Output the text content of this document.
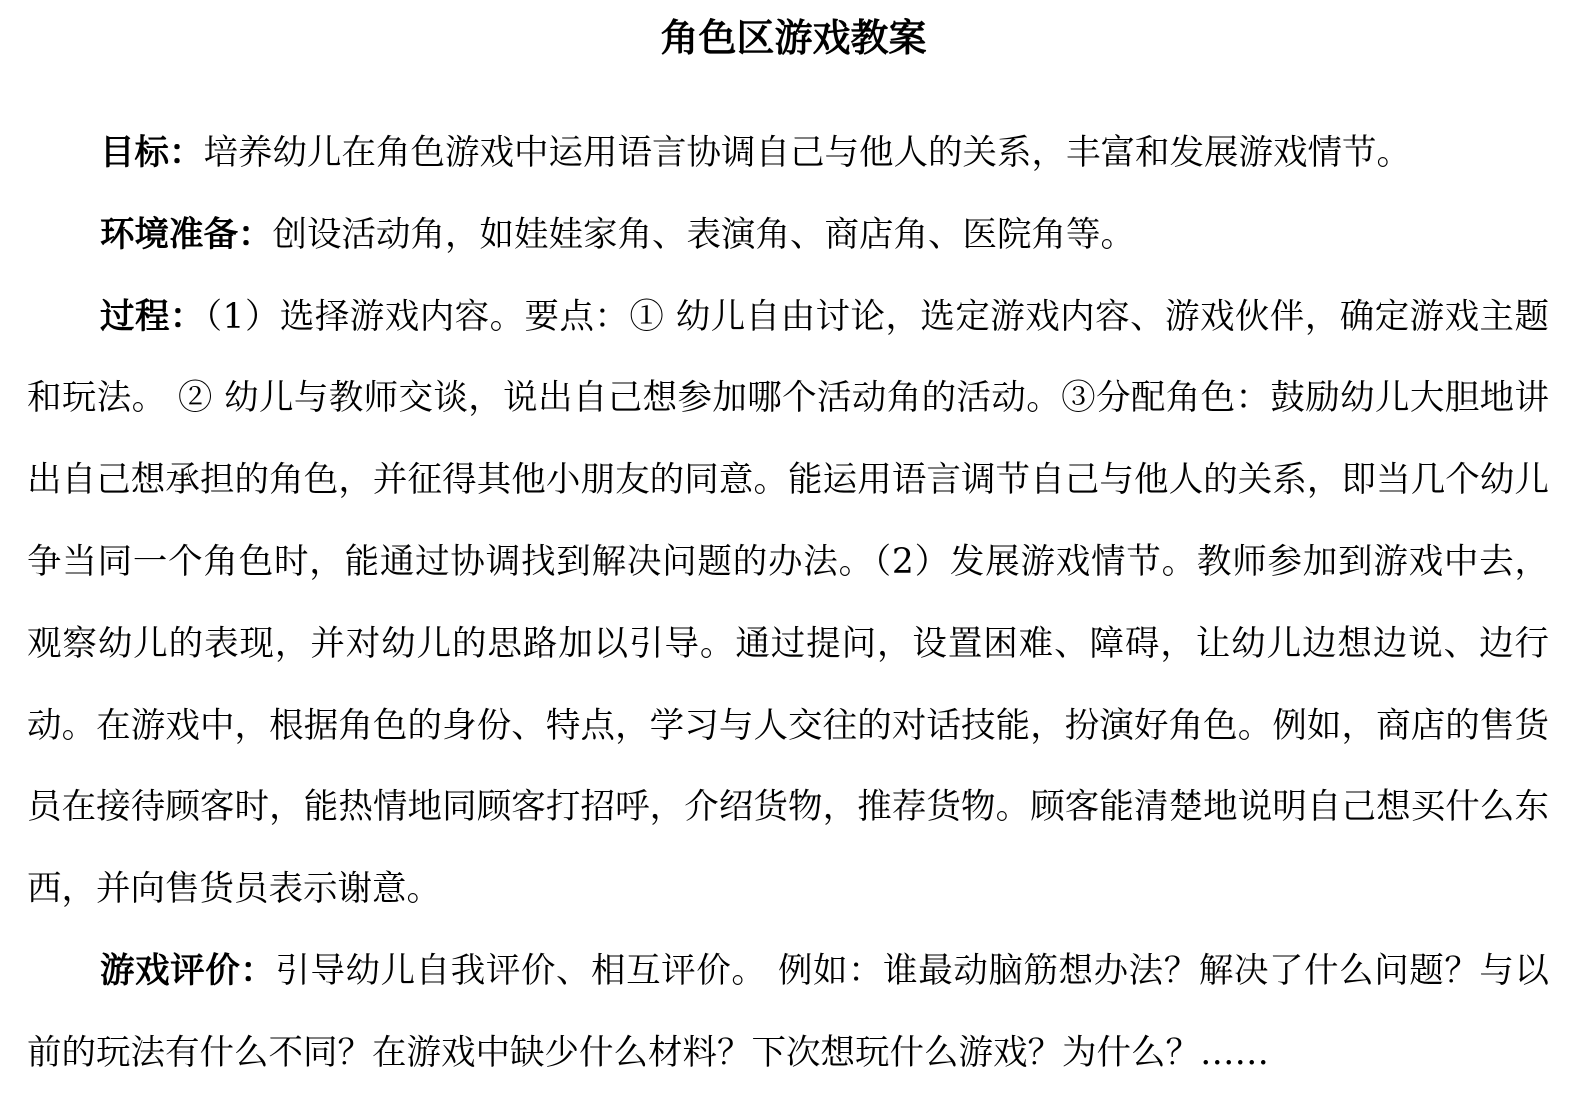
角色区游戏教案

目标：培养幼儿在角色游戏中运用语言协调自己与他人的关系，丰富和发展游戏情节。

环境准备：创设活动角，如娃娃家角、表演角、商店角、医院角等。

过程：（1）选择游戏内容。要点：① 幼儿自由讨论，选定游戏内容、游戏伙伴，确定游戏主题和玩法。 ② 幼儿与教师交谈，说出自己想参加哪个活动角的活动。③分配角色：鼓励幼儿大胆地讲出自己想承担的角色，并征得其他小朋友的同意。能运用语言调节自己与他人的关系，即当几个幼儿争当同一个角色时，能通过协调找到解决问题的办法。（2）发展游戏情节。教师参加到游戏中去，观察幼儿的表现，并对幼儿的思路加以引导。通过提问，设置困难、障碍，让幼儿边想边说、边行动。在游戏中，根据角色的身份、特点，学习与人交往的对话技能，扮演好角色。例如，商店的售货员在接待顾客时，能热情地同顾客打招呼，介绍货物，推荐货物。顾客能清楚地说明自己想买什么东西，并向售货员表示谢意。

游戏评价：引导幼儿自我评价、相互评价。 例如：谁最动脑筋想办法？解决了什么问题？与以前的玩法有什么不同？在游戏中缺少什么材料？下次想玩什么游戏？为什么？……
